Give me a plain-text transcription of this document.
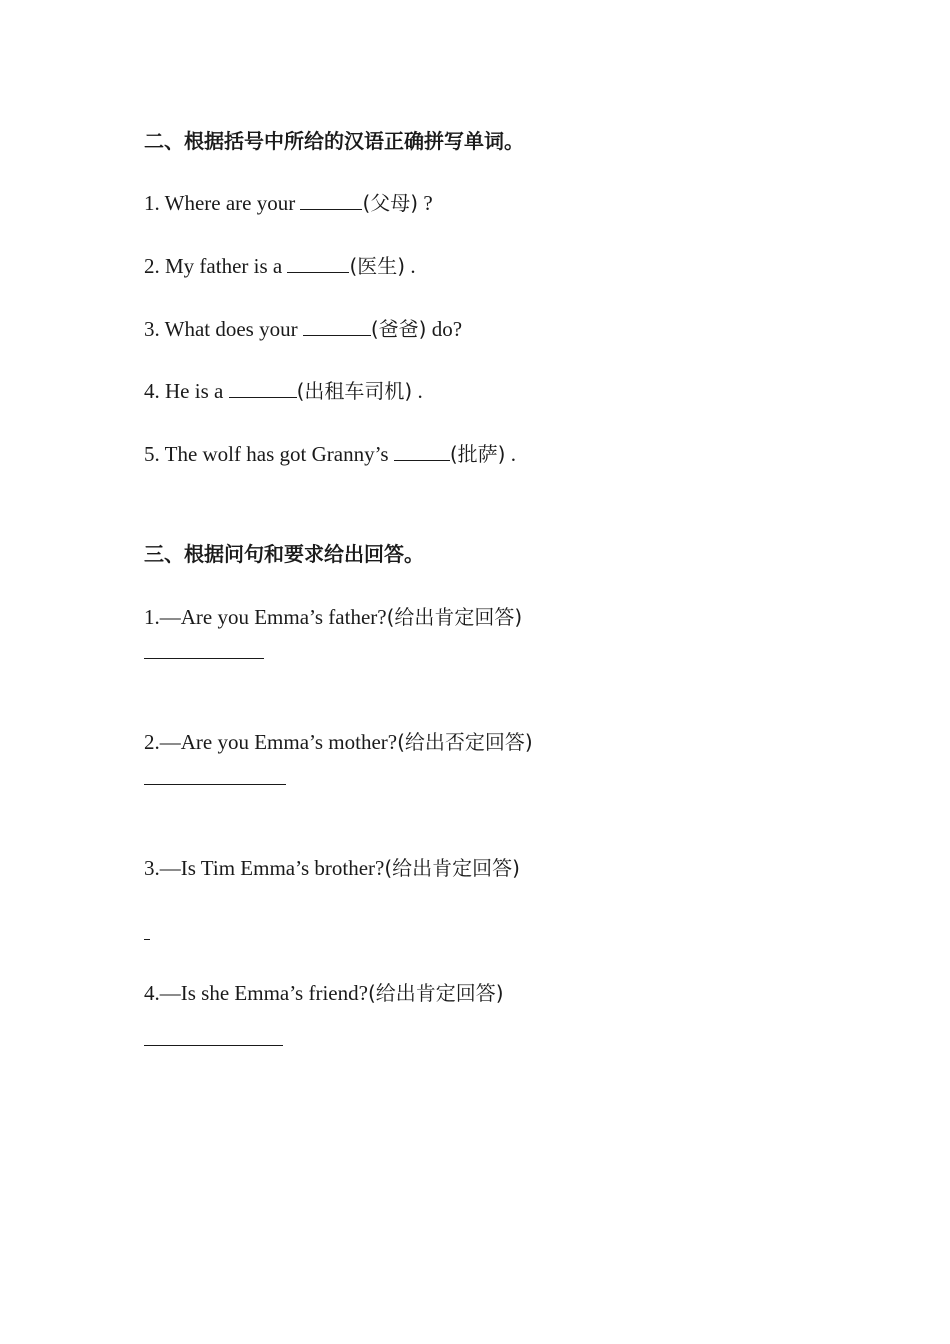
二、根据括号中所给的汉语正确拼写单词。
1. Where are your	(父母) ?
2. My father is a	(医生) .
3. What does your	(爸爸) do?
4. He is a	(出租车司机) .
5. The wolf has got Granny’s	(批萨) .
三、根据问句和要求给出回答。
1.—Are you Emma’s father?(给出肯定回答)
2.—Are you Emma’s mother?(给出否定回答)
3.—Is Tim Emma’s brother?(给出肯定回答)
4.—Is she Emma’s friend?(给出肯定回答)
